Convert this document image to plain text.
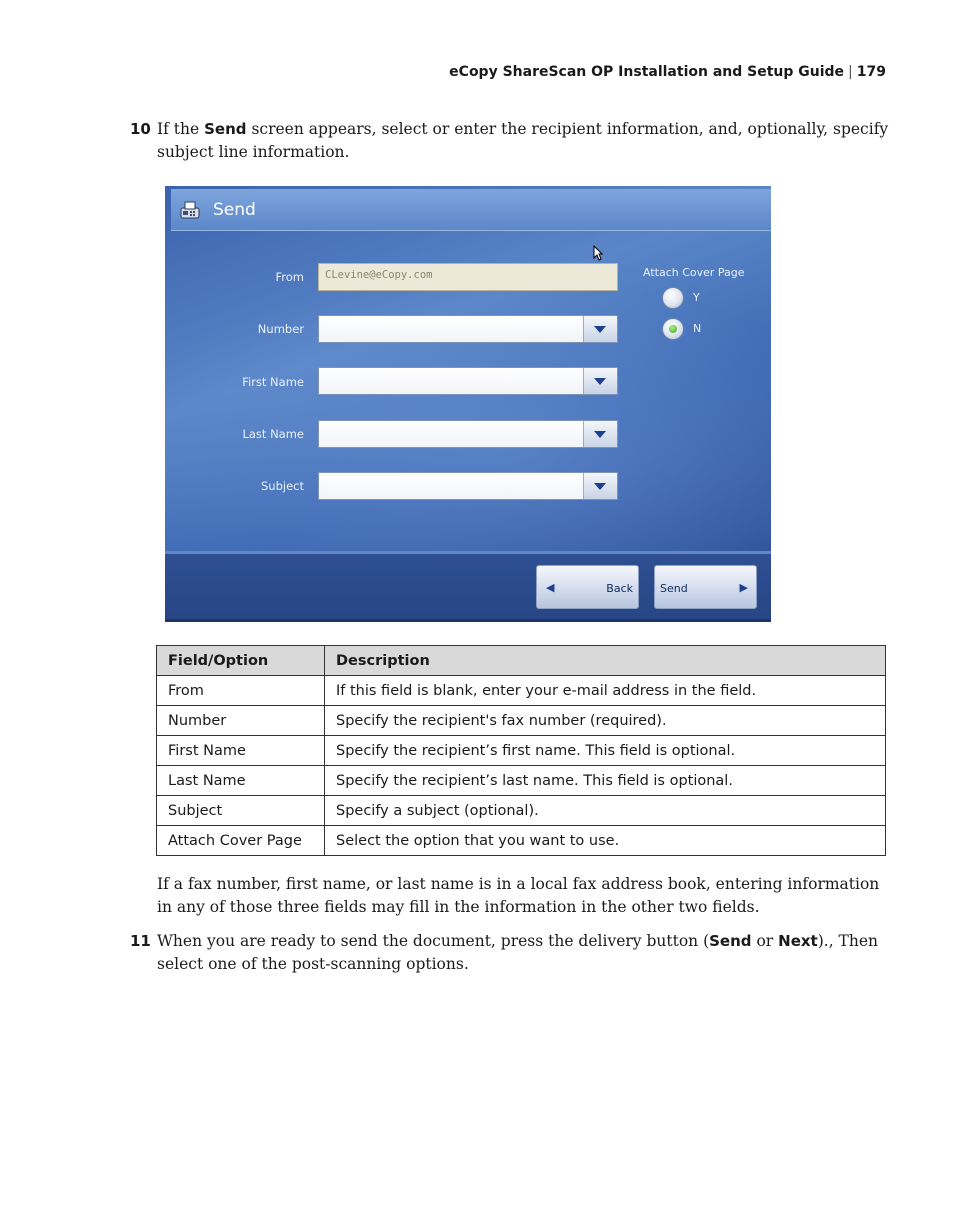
eCopy ShareScan OP Installation and Setup Guide | 179
10 If the Send screen appears, select or enter the recipient information, and, optionally, specify subject line information.
Send
From	CLevine@eCopy.com
Number
First Name
Last Name
Subject
Attach Cover Page
Y
N
◀	Back Send	▶
Field/Option	Description
From	If this field is blank, enter your e-mail address in the field.
Number	Specify the recipient's fax number (required).
First Name	Specify the recipient’s first name. This field is optional.
Last Name	Specify the recipient’s last name. This field is optional.
Subject	Specify a subject (optional).
Attach Cover Page	Select the option that you want to use.
If a fax number, first name, or last name is in a local fax address book, entering information in any of those three fields may fill in the information in the other two fields.
11 When you are ready to send the document, press the delivery button (Send or Next)., Then select one of the post-scanning options.
